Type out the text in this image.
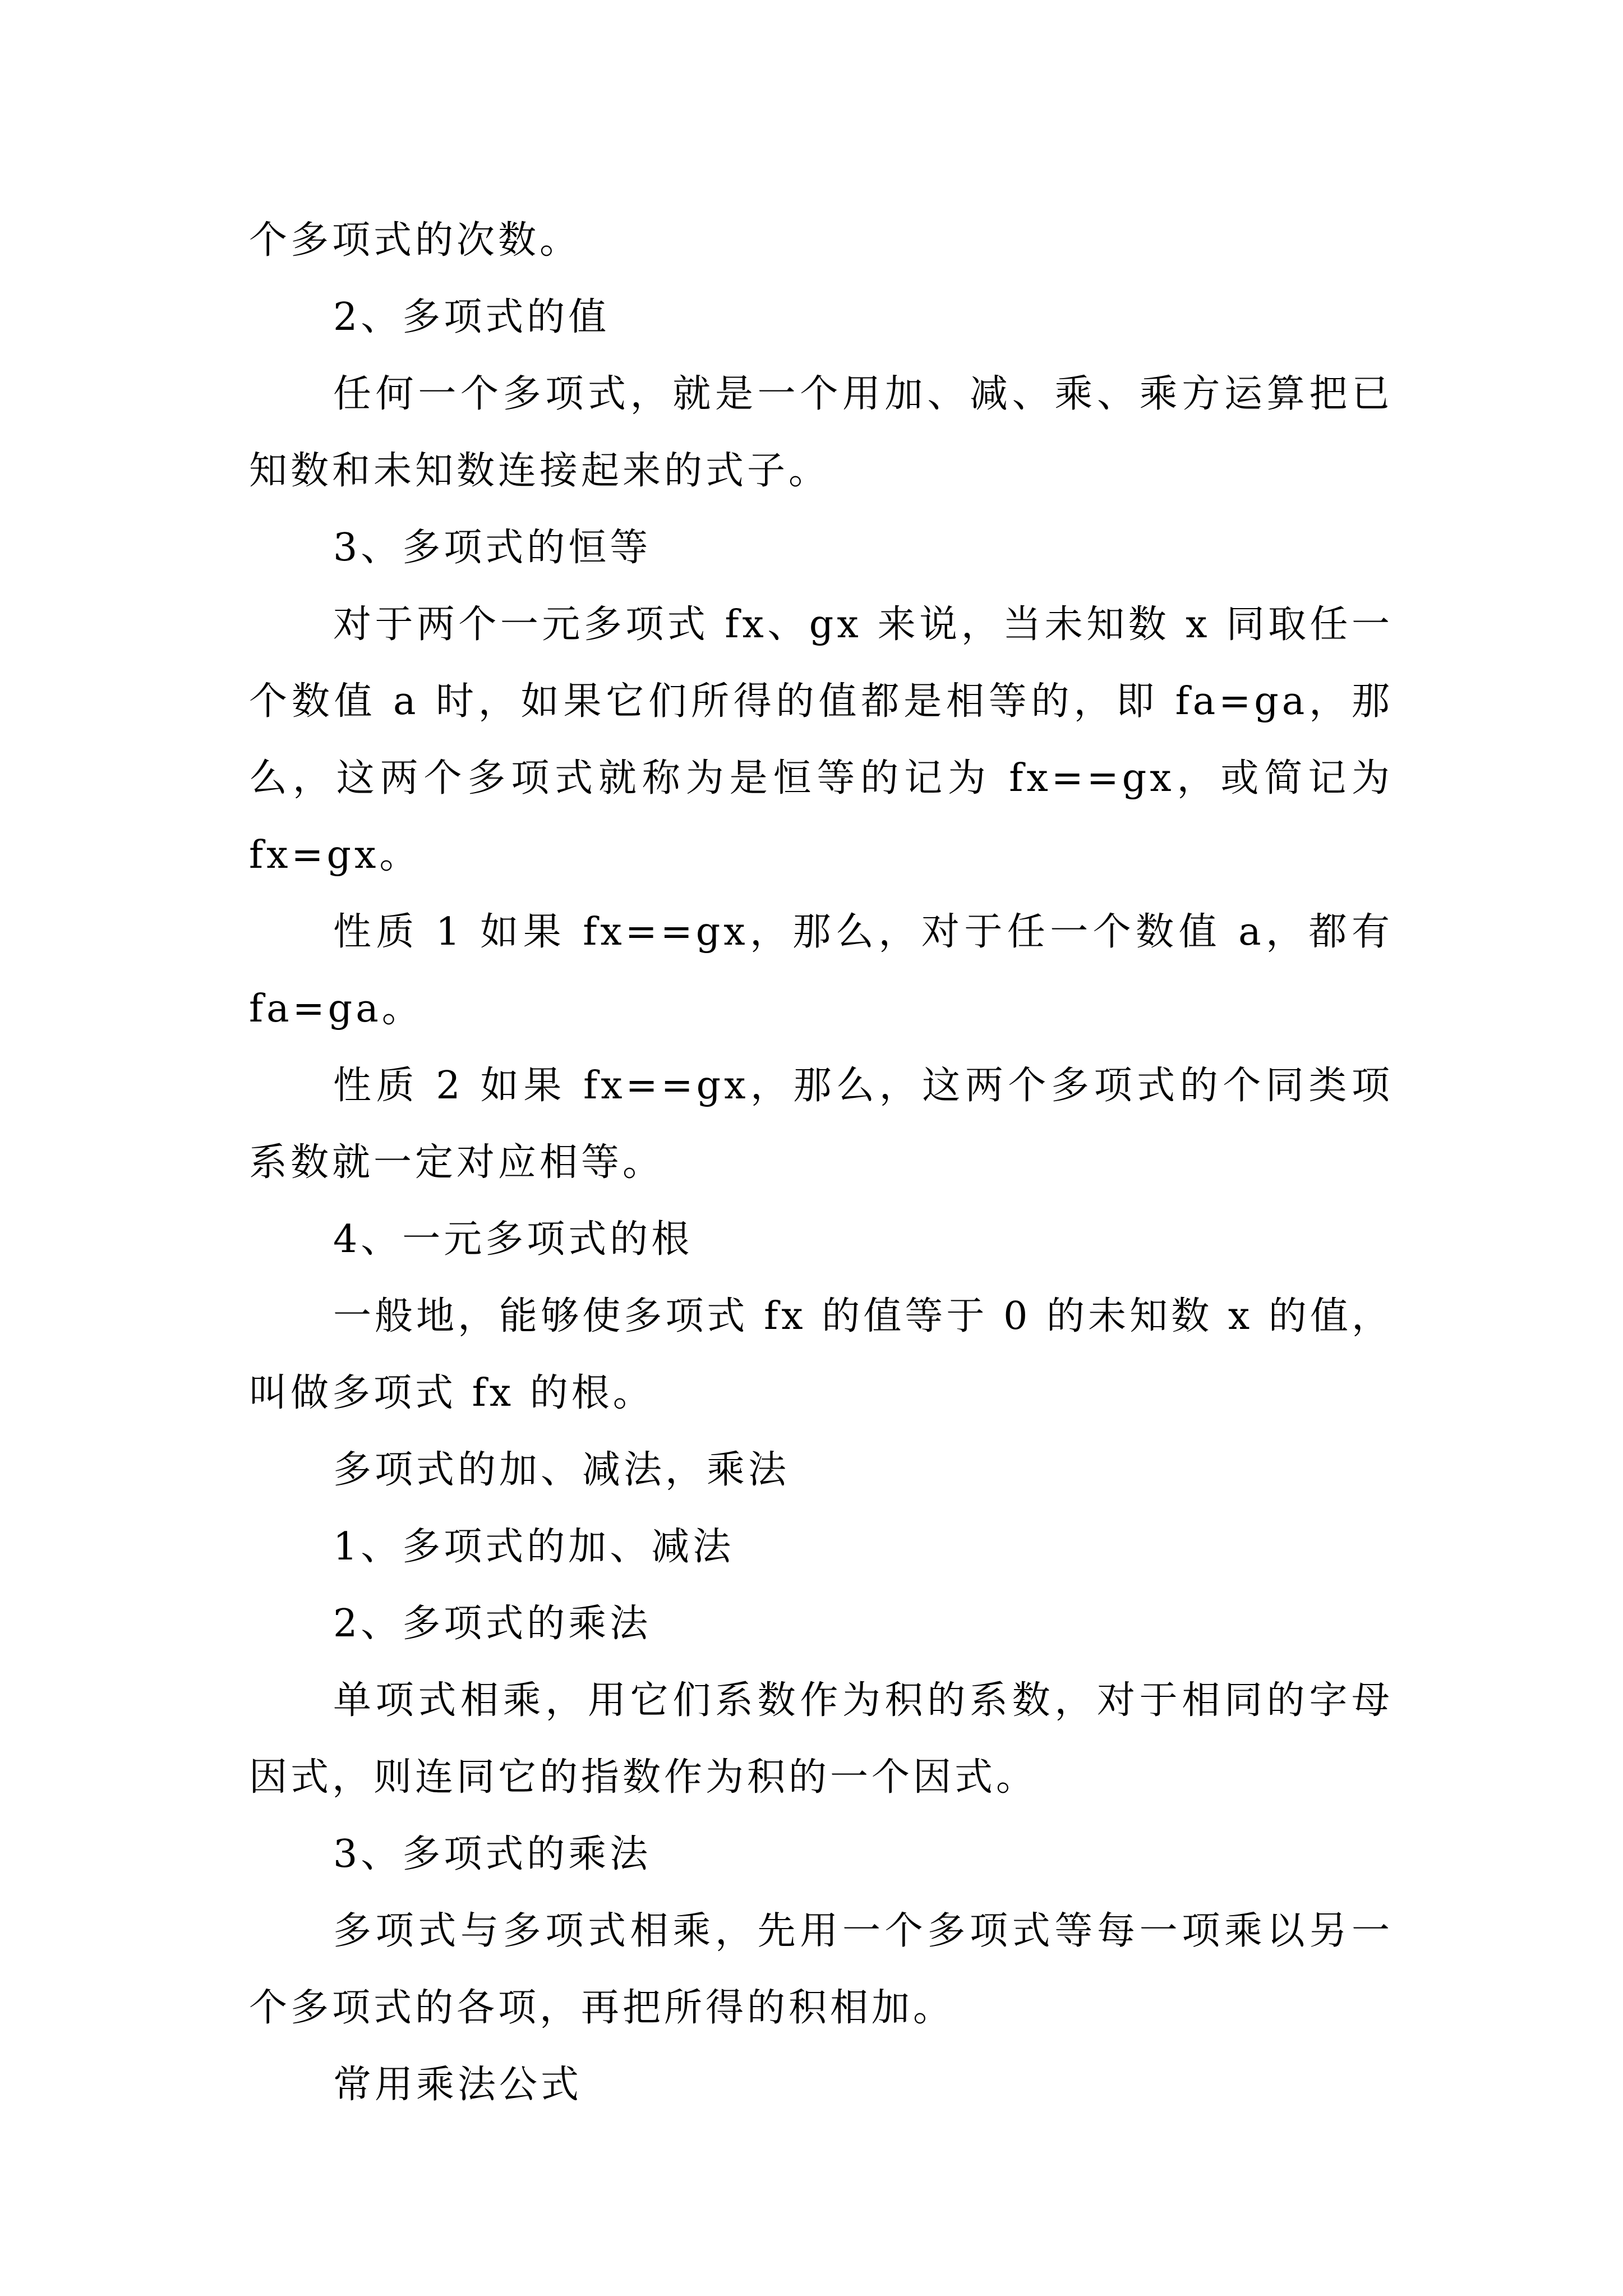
个多项式的次数。

2、多项式的值

任何一个多项式，就是一个用加、减、乘、乘方运算把已知数和未知数连接起来的式子。

3、多项式的恒等

对于两个一元多项式 fx、gx 来说，当未知数 x 同取任一个数值 a 时，如果它们所得的值都是相等的，即 fa=ga，那么，这两个多项式就称为是恒等的记为 fx==gx，或简记为 fx=gx。

性质 1 如果 fx==gx，那么，对于任一个数值 a，都有 fa=ga。

性质 2 如果 fx==gx，那么，这两个多项式的个同类项系数就一定对应相等。

4、一元多项式的根

一般地，能够使多项式 fx 的值等于 0 的未知数 x 的值，叫做多项式 fx 的根。

多项式的加、减法，乘法

1、多项式的加、减法

2、多项式的乘法

单项式相乘，用它们系数作为积的系数，对于相同的字母因式，则连同它的指数作为积的一个因式。

3、多项式的乘法

多项式与多项式相乘，先用一个多项式等每一项乘以另一个多项式的各项，再把所得的积相加。

常用乘法公式
